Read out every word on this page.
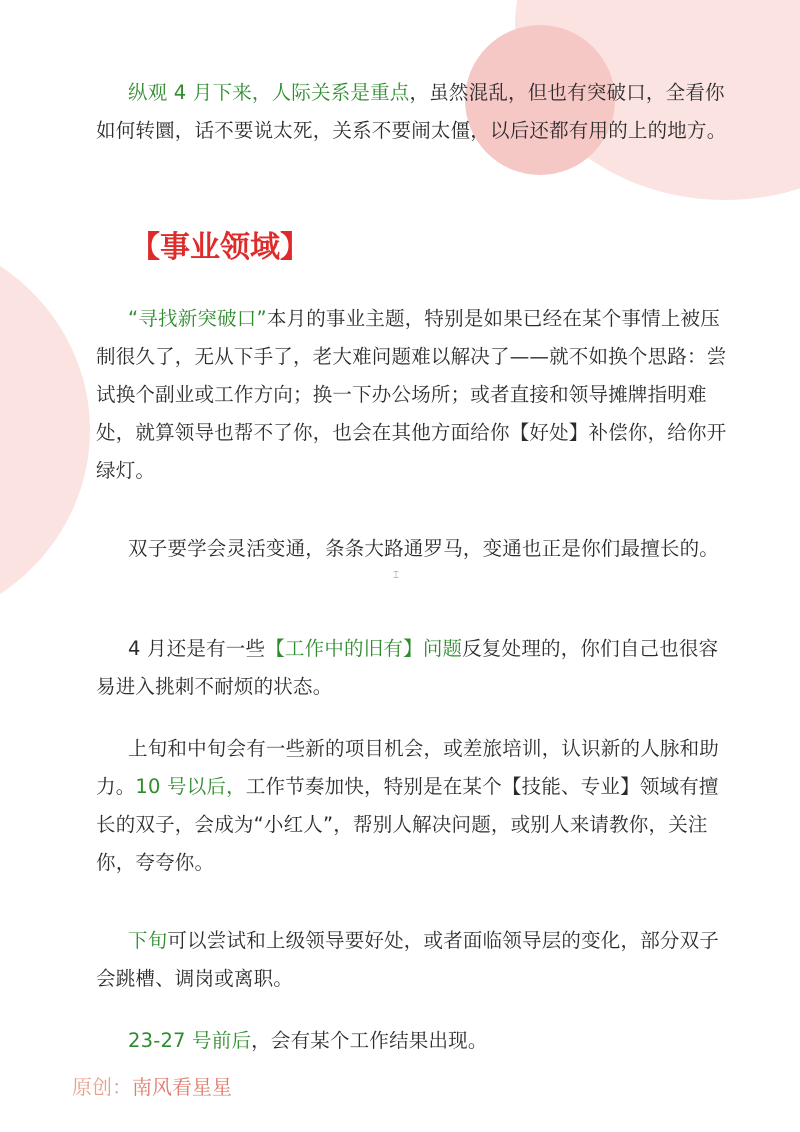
纵观 4 月下来，人际关系是重点，虽然混乱，但也有突破口，全看你如何转圜，话不要说太死，关系不要闹太僵，以后还都有用的上的地方。

【事业领域】

“寻找新突破口”本月的事业主题，特别是如果已经在某个事情上被压制很久了，无从下手了，老大难问题难以解决了——就不如换个思路：尝试换个副业或工作方向；换一下办公场所；或者直接和领导摊牌指明难处，就算领导也帮不了你，也会在其他方面给你【好处】补偿你，给你开绿灯。

双子要学会灵活变通，条条大路通罗马，变通也正是你们最擅长的。

⌶

4 月还是有一些【工作中的旧有】问题反复处理的，你们自己也很容易进入挑刺不耐烦的状态。

上旬和中旬会有一些新的项目机会，或差旅培训，认识新的人脉和助力。10 号以后，工作节奏加快，特别是在某个【技能、专业】领域有擅长的双子，会成为“小红人”，帮别人解决问题，或别人来请教你，关注你，夸夸你。

下旬可以尝试和上级领导要好处，或者面临领导层的变化，部分双子会跳槽、调岗或离职。

23-27 号前后，会有某个工作结果出现。

原创：南风看星星
